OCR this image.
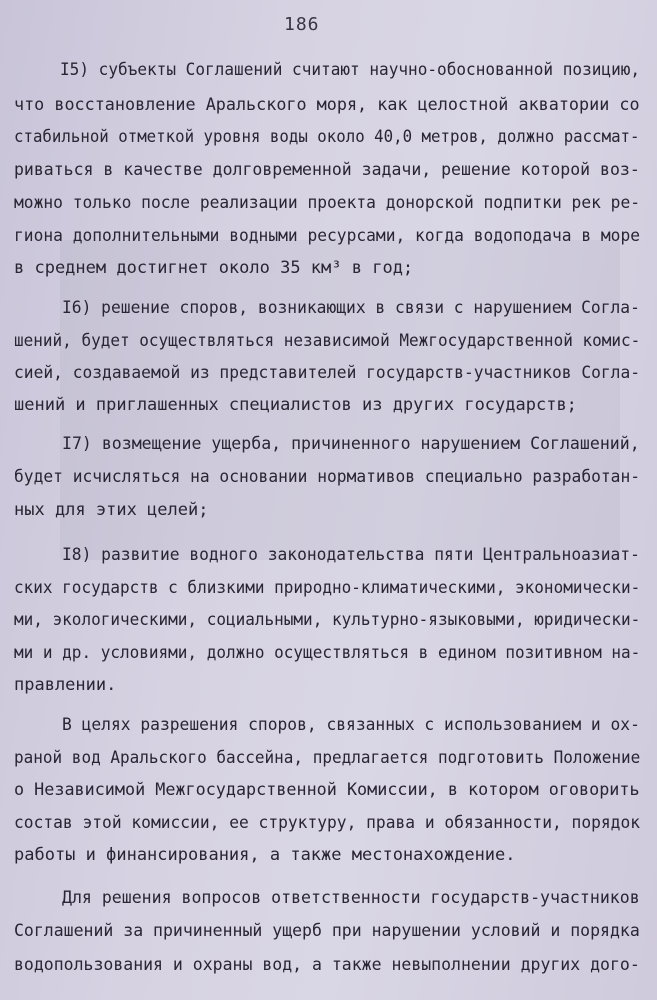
186
I5) субъекты Соглашений считают научно-обоснованной позицию,
что восстановление Аральского моря, как целостной акватории со
стабильной отметкой уровня воды около 40,0 метров, должно рассмат-
риваться в качестве долговременной задачи, решение которой воз-
можно только после реализации проекта донорской подпитки рек ре-
гиона дополнительными водными ресурсами, когда водоподача в море
в среднем достигнет около 35 км³ в год;
I6) решение споров, возникающих в связи с нарушением Согла-
шений, будет осуществляться независимой Межгосударственной комис-
сией, создаваемой из представителей государств-участников Согла-
шений и приглашенных специалистов из других государств;
I7) возмещение ущерба, причиненного нарушением Соглашений,
будет исчисляться на основании нормативов специально разработан-
ных для этих целей;
I8) развитие водного законодательства пяти Центральноазиат-
ских государств с близкими природно-климатическими, экономически-
ми, экологическими, социальными, культурно-языковыми, юридически-
ми и др. условиями, должно осуществляться в едином позитивном на-
правлении.
В целях разрешения споров, связанных с использованием и ох-
раной вод Аральского бассейна, предлагается подготовить Положение
о Независимой Межгосударственной Комиссии, в котором оговорить
состав этой комиссии, ее структуру, права и обязанности, порядок
работы и финансирования, а также местонахождение.
Для решения вопросов ответственности государств-участников
Соглашений за причиненный ущерб при нарушении условий и порядка
водопользования и охраны вод, а также невыполнении других дого-
